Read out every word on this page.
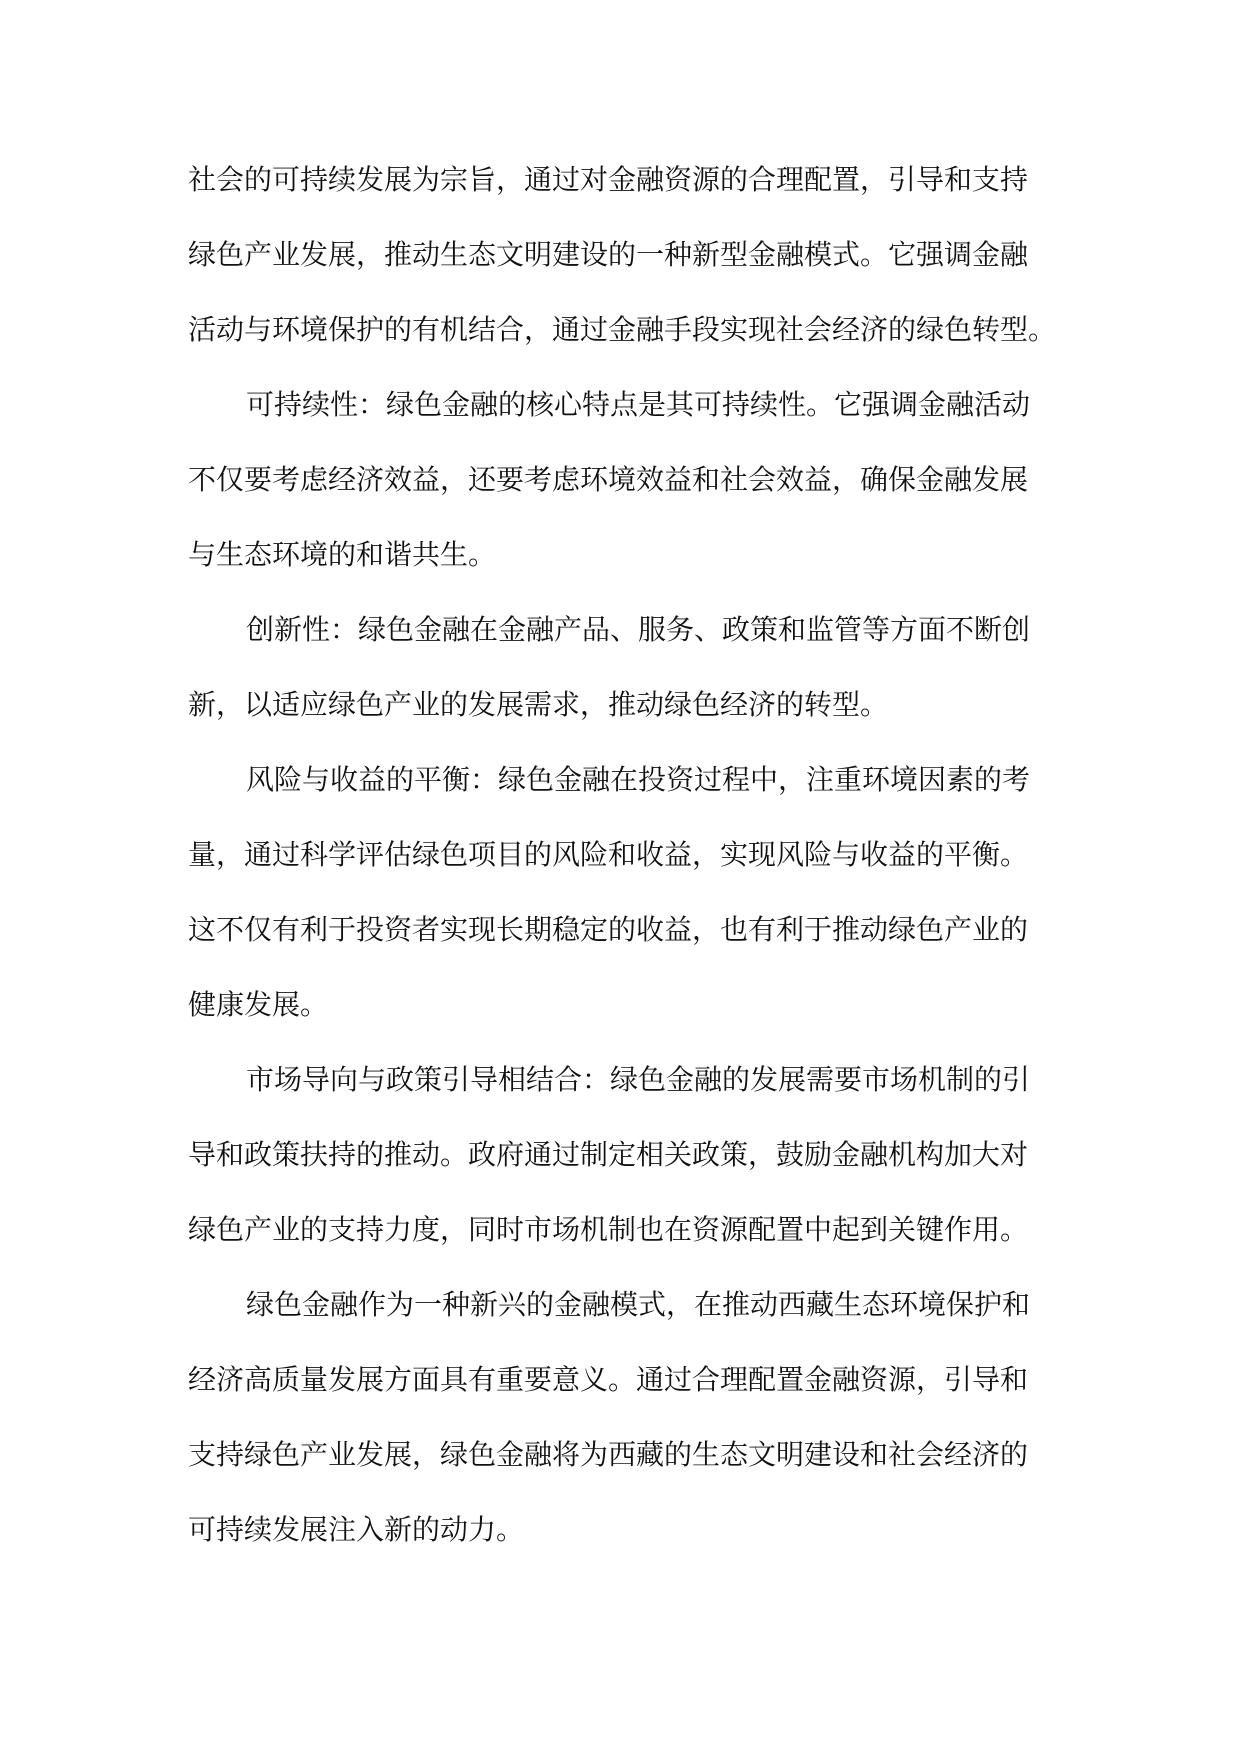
社会的可持续发展为宗旨，通过对金融资源的合理配置，引导和支持
绿色产业发展，推动生态文明建设的一种新型金融模式。它强调金融
活动与环境保护的有机结合，通过金融手段实现社会经济的绿色转型。
可持续性：绿色金融的核心特点是其可持续性。它强调金融活动
不仅要考虑经济效益，还要考虑环境效益和社会效益，确保金融发展
与生态环境的和谐共生。
创新性：绿色金融在金融产品、服务、政策和监管等方面不断创
新，以适应绿色产业的发展需求，推动绿色经济的转型。
风险与收益的平衡：绿色金融在投资过程中，注重环境因素的考
量，通过科学评估绿色项目的风险和收益，实现风险与收益的平衡。
这不仅有利于投资者实现长期稳定的收益，也有利于推动绿色产业的
健康发展。
市场导向与政策引导相结合：绿色金融的发展需要市场机制的引
导和政策扶持的推动。政府通过制定相关政策，鼓励金融机构加大对
绿色产业的支持力度，同时市场机制也在资源配置中起到关键作用。
绿色金融作为一种新兴的金融模式，在推动西藏生态环境保护和
经济高质量发展方面具有重要意义。通过合理配置金融资源，引导和
支持绿色产业发展，绿色金融将为西藏的生态文明建设和社会经济的
可持续发展注入新的动力。
